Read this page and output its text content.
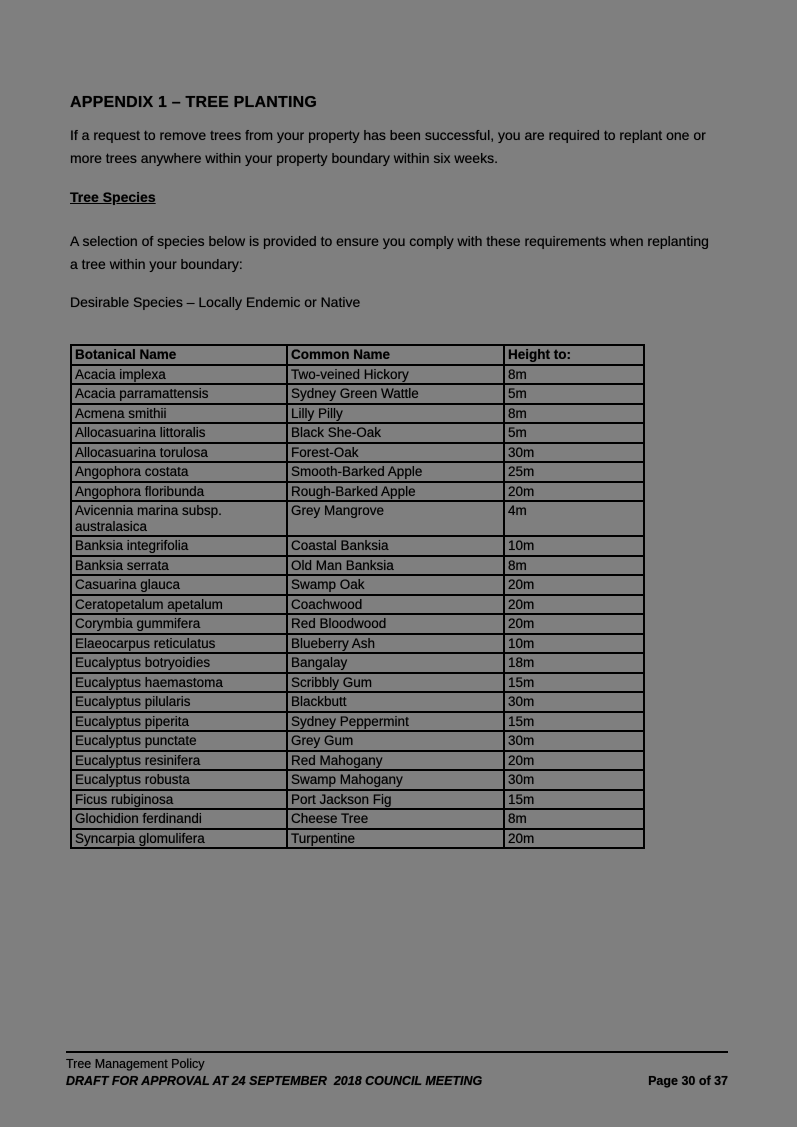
APPENDIX 1 – TREE PLANTING
If a request to remove trees from your property has been successful, you are required to replant one or more trees anywhere within your property boundary within six weeks.
Tree Species
A selection of species below is provided to ensure you comply with these requirements when replanting a tree within your boundary:
Desirable Species – Locally Endemic or Native
Botanical Name	Common Name	Height to:
Acacia implexa	Two-veined Hickory	8m
Acacia parramattensis	Sydney Green Wattle	5m
Acmena smithii	Lilly Pilly	8m
Allocasuarina littoralis	Black She-Oak	5m
Allocasuarina torulosa	Forest-Oak	30m
Angophora costata	Smooth-Barked Apple	25m
Angophora floribunda	Rough-Barked Apple	20m
Avicennia marina subsp. australasica	Grey Mangrove	4m
Banksia integrifolia	Coastal Banksia	10m
Banksia serrata	Old Man Banksia	8m
Casuarina glauca	Swamp Oak	20m
Ceratopetalum apetalum	Coachwood	20m
Corymbia gummifera	Red Bloodwood	20m
Elaeocarpus reticulatus	Blueberry Ash	10m
Eucalyptus botryoidies	Bangalay	18m
Eucalyptus haemastoma	Scribbly Gum	15m
Eucalyptus pilularis	Blackbutt	30m
Eucalyptus piperita	Sydney Peppermint	15m
Eucalyptus punctate	Grey Gum	30m
Eucalyptus resinifera	Red Mahogany	20m
Eucalyptus robusta	Swamp Mahogany	30m
Ficus rubiginosa	Port Jackson Fig	15m
Glochidion ferdinandi	Cheese Tree	8m
Syncarpia glomulifera	Turpentine	20m
Tree Management Policy
DRAFT FOR APPROVAL AT 24 SEPTEMBER  2018 COUNCIL MEETING	Page 30 of 37
